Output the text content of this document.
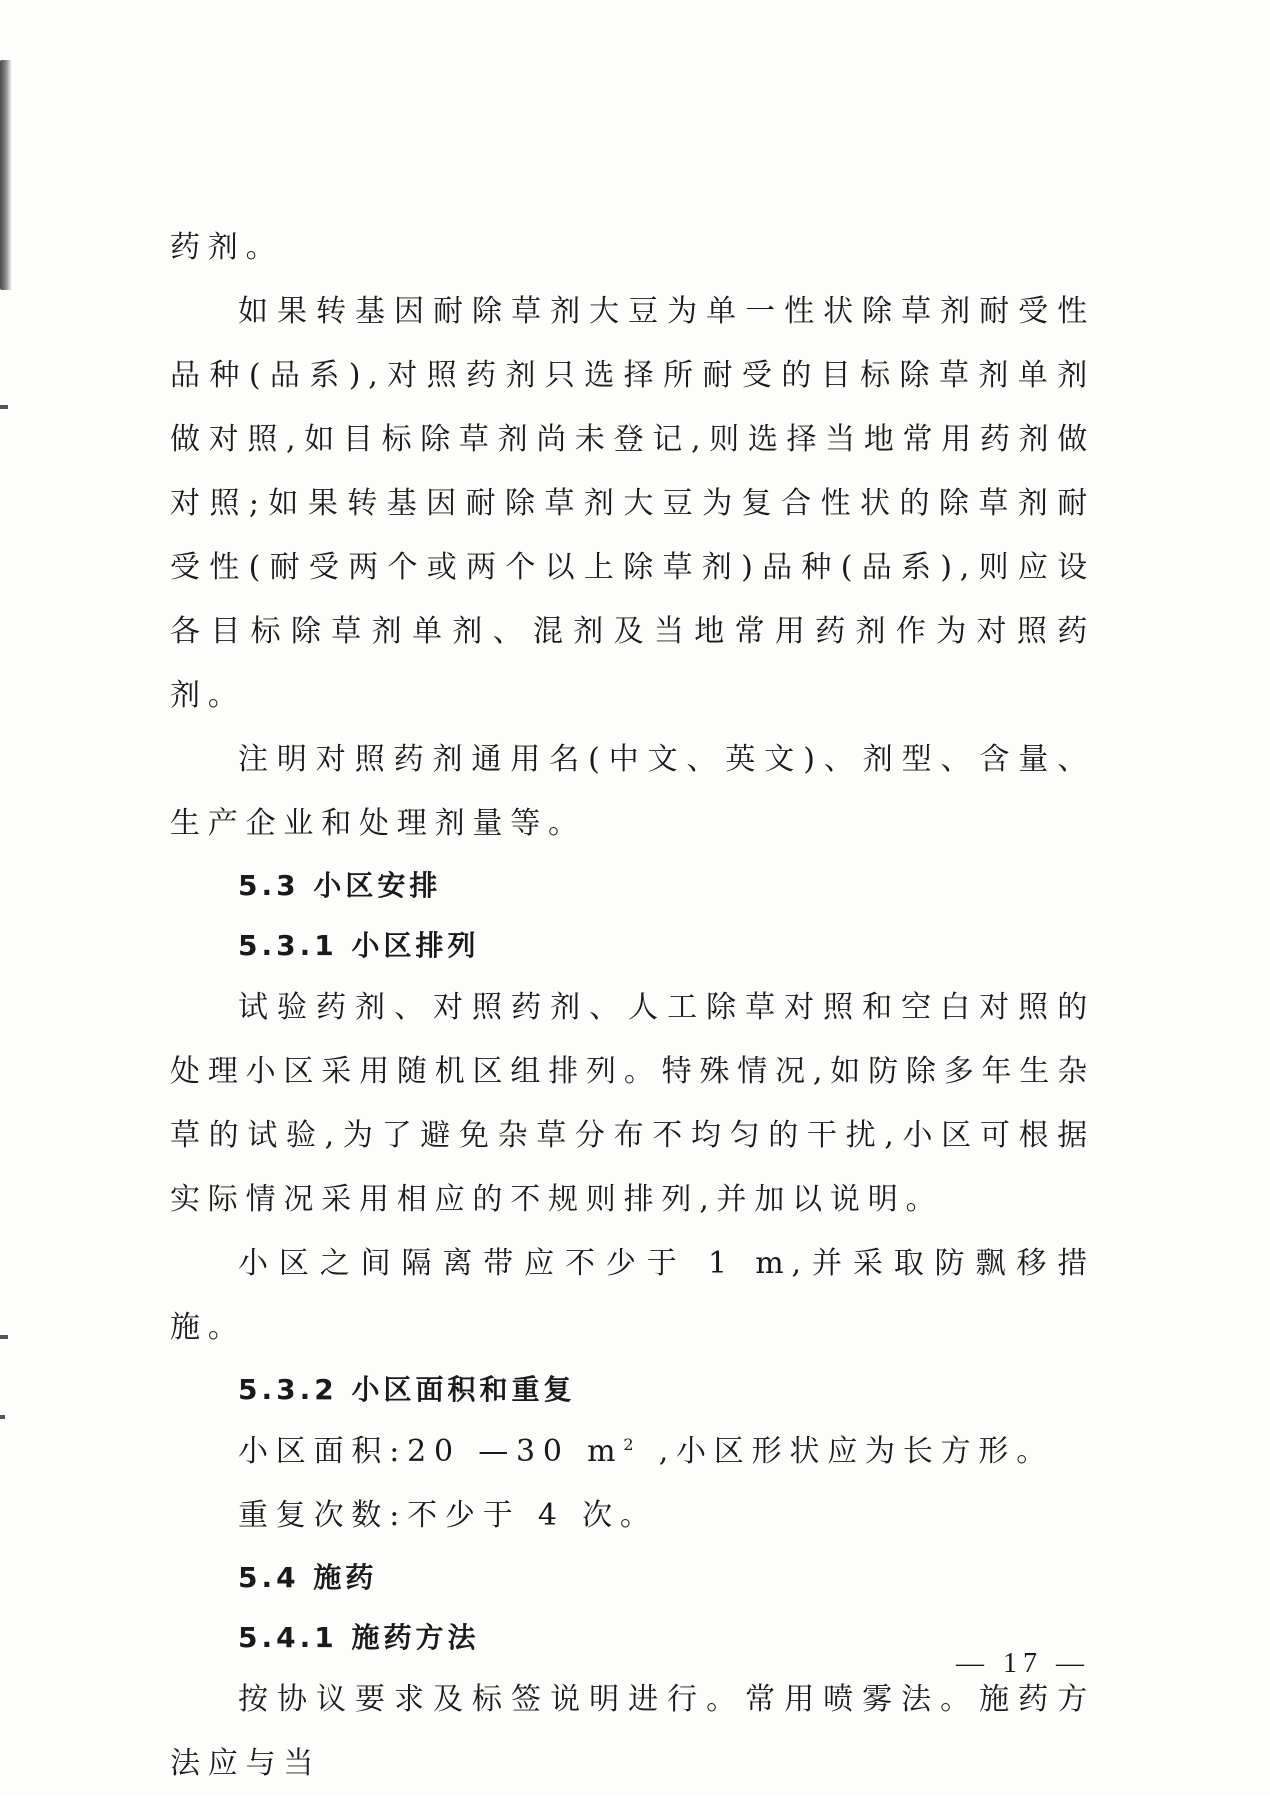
药剂。

如果转基因耐除草剂大豆为单一性状除草剂耐受性品种(品系),对照药剂只选择所耐受的目标除草剂单剂做对照,如目标除草剂尚未登记,则选择当地常用药剂做对照;如果转基因耐除草剂大豆为复合性状的除草剂耐受性(耐受两个或两个以上除草剂)品种(品系),则应设各目标除草剂单剂、混剂及当地常用药剂作为对照药剂。

注明对照药剂通用名(中文、英文)、剂型、含量、生产企业和处理剂量等。

5.3 小区安排

5.3.1 小区排列

试验药剂、对照药剂、人工除草对照和空白对照的处理小区采用随机区组排列。特殊情况,如防除多年生杂草的试验,为了避免杂草分布不均匀的干扰,小区可根据实际情况采用相应的不规则排列,并加以说明。

小区之间隔离带应不少于 1 m,并采取防飘移措施。

5.3.2 小区面积和重复

小区面积:20 —30 $m^2$ ,小区形状应为长方形。

重复次数:不少于 4 次。

5.4 施药

5.4.1 施药方法

按协议要求及标签说明进行。常用喷雾法。施药方法应与当

— 17 —
